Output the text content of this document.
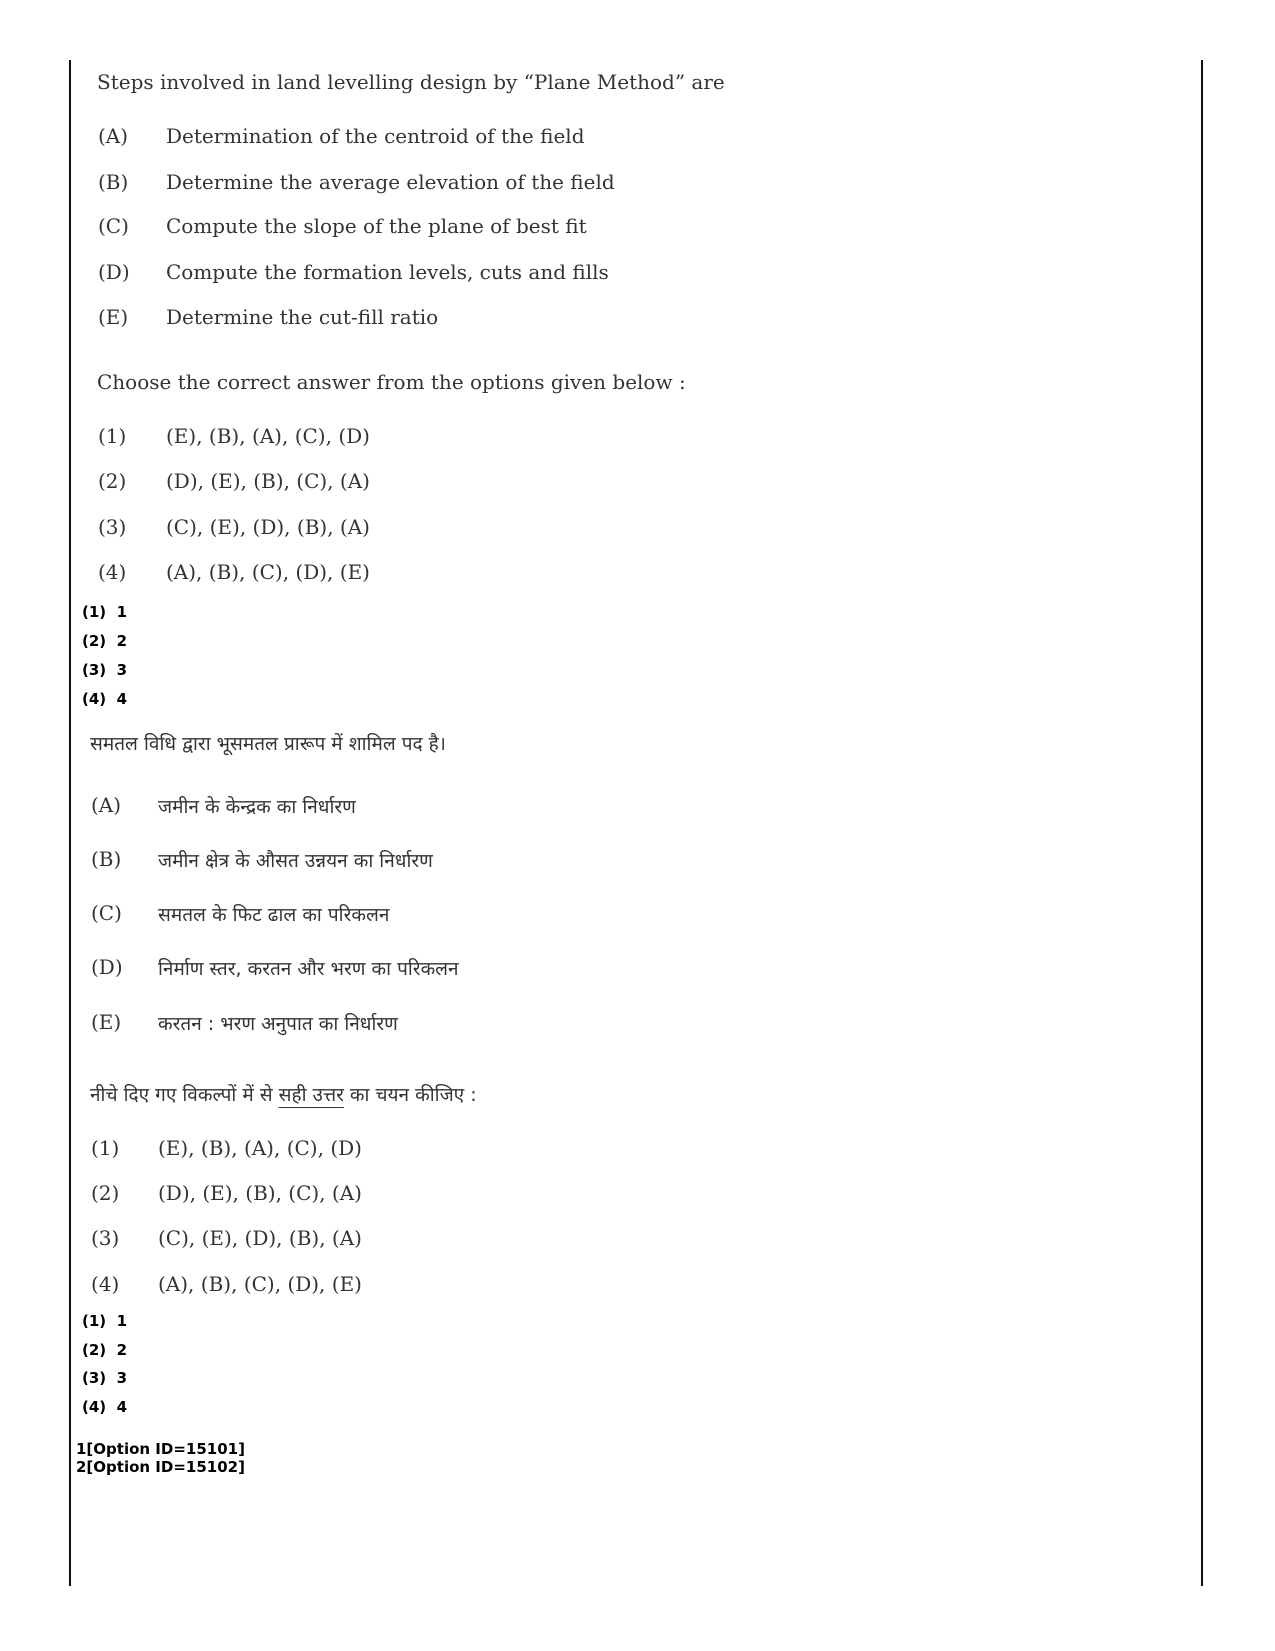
Steps involved in land levelling design by “Plane Method” are
(A) Determination of the centroid of the field
(B) Determine the average elevation of the field
(C) Compute the slope of the plane of best fit
(D) Compute the formation levels, cuts and fills
(E) Determine the cut-fill ratio
Choose the correct answer from the options given below :
(1) (E), (B), (A), (C), (D)
(2) (D), (E), (B), (C), (A)
(3) (C), (E), (D), (B), (A)
(4) (A), (B), (C), (D), (E)
(1) 1
(2) 2
(3) 3
(4) 4
समतल विधि द्वारा भूसमतल प्रारूप में शामिल पद है।
(A) जमीन के केन्द्रक का निर्धारण
(B) जमीन क्षेत्र के औसत उन्नयन का निर्धारण
(C) समतल के फिट ढाल का परिकलन
(D) निर्माण स्तर, करतन और भरण का परिकलन
(E) करतन : भरण अनुपात का निर्धारण
नीचे दिए गए विकल्पों में से सही उत्तर का चयन कीजिए :
(1) (E), (B), (A), (C), (D)
(2) (D), (E), (B), (C), (A)
(3) (C), (E), (D), (B), (A)
(4) (A), (B), (C), (D), (E)
(1) 1
(2) 2
(3) 3
(4) 4
1[Option ID=15101]
2[Option ID=15102]
